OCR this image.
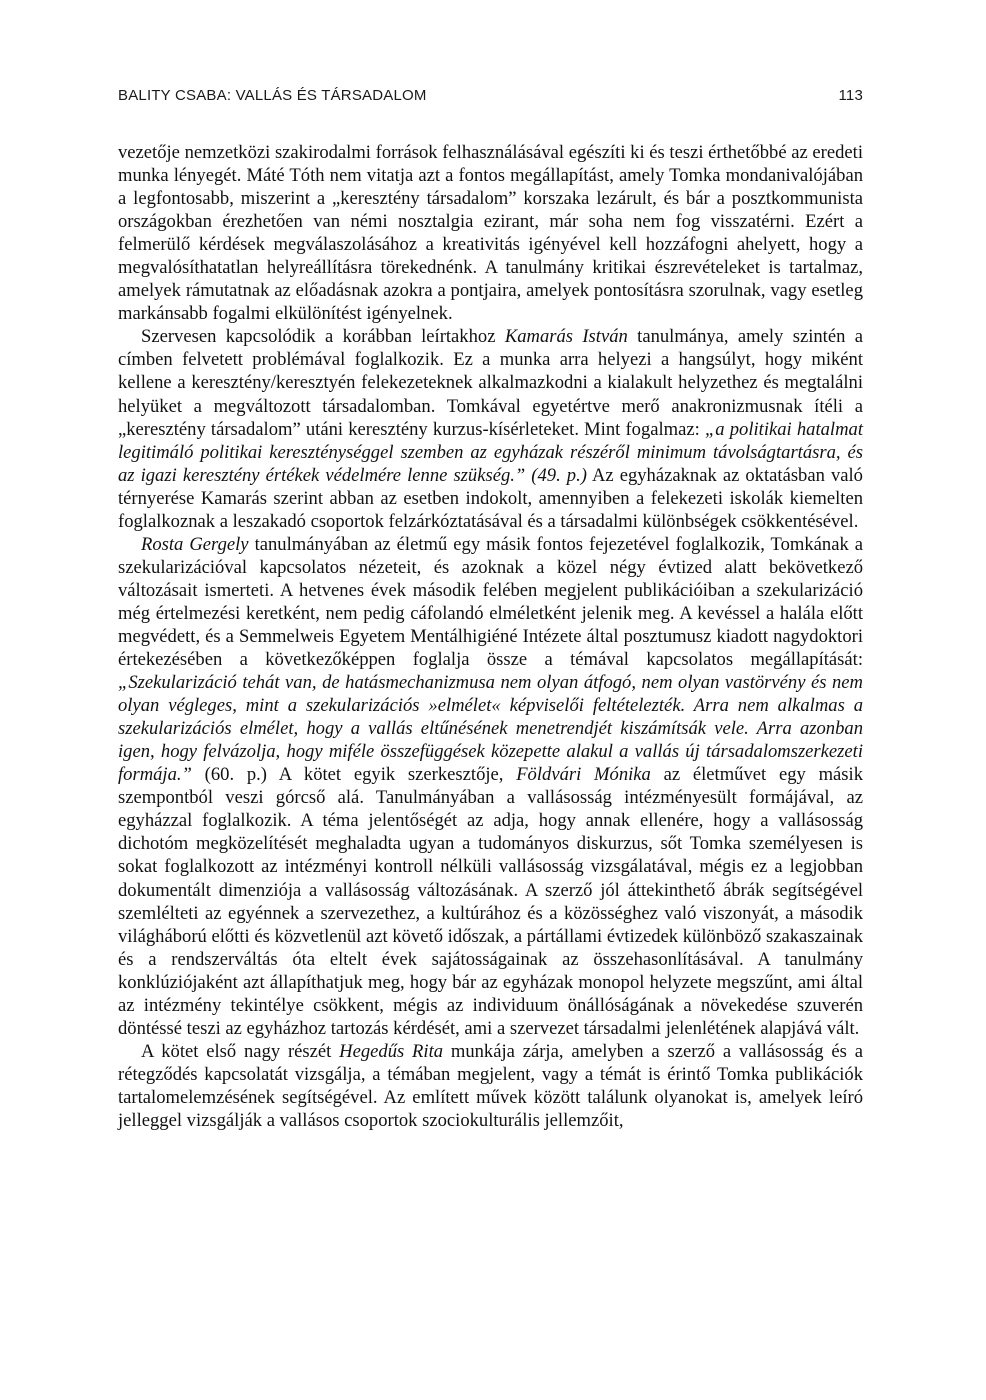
BALITY CSABA: VALLÁS ÉS TÁRSADALOM	113

vezetője nemzetközi szakirodalmi források felhasználásával egészíti ki és teszi érthetőbbé az eredeti munka lényegét. Máté Tóth nem vitatja azt a fontos megállapítást, amely Tomka mondanivalójában a legfontosabb, miszerint a „keresztény társadalom” korszaka lezárult, és bár a posztkommunista országokban érezhetően van némi nosztalgia ezirant, már soha nem fog visszatérni. Ezért a felmerülő kérdések megválaszolásához a kreativitás igényével kell hozzáfogni ahelyett, hogy a megvalósíthatatlan helyreállításra törekednénk. A tanulmány kritikai észrevételeket is tartalmaz, amelyek rámutatnak az előadásnak azokra a pontjaira, amelyek pontosításra szorulnak, vagy esetleg markánsabb fogalmi elkülönítést igényelnek.

Szervesen kapcsolódik a korábban leírtakhoz Kamarás István tanulmánya, amely szintén a címben felvetett problémával foglalkozik. Ez a munka arra helyezi a hangsúlyt, hogy miként kellene a keresztény/keresztyén felekezeteknek alkalmazkodni a kialakult helyzethez és megtalálni helyüket a megváltozott társadalomban. Tomkával egyetértve merő anakronizmusnak ítéli a „keresztény társadalom” utáni keresztény kurzus-kísérleteket. Mint fogalmaz: „a politikai hatalmat legitimáló politikai kereszténységgel szemben az egyházak részéről minimum távolságtartásra, és az igazi keresztény értékek védelmére lenne szükség.” (49. p.) Az egyházaknak az oktatásban való térnyerése Kamarás szerint abban az esetben indokolt, amennyiben a felekezeti iskolák kiemelten foglalkoznak a leszakadó csoportok felzárkóztatásával és a társadalmi különbségek csökkentésével.

Rosta Gergely tanulmányában az életmű egy másik fontos fejezetével foglalkozik, Tomkának a szekularizációval kapcsolatos nézeteit, és azoknak a közel négy évtized alatt bekövetkező változásait ismerteti. A hetvenes évek második felében megjelent publikációiban a szekularizáció még értelmezési keretként, nem pedig cáfolandó elméletként jelenik meg. A kevéssel a halála előtt megvédett, és a Semmelweis Egyetem Mentálhigiéné Intézete által posztumusz kiadott nagydoktori értekezésében a következőképpen foglalja össze a témával kapcsolatos megállapítását: „Szekularizáció tehát van, de hatásmechanizmusa nem olyan átfogó, nem olyan vastörvény és nem olyan végleges, mint a szekularizációs »elmélet« képviselői feltételezték. Arra nem alkalmas a szekularizációs elmélet, hogy a vallás eltűnésének menetrendjét kiszámítsák vele. Arra azonban igen, hogy felvázolja, hogy miféle összefüggések közepette alakul a vallás új társadalomszerkezeti formája.” (60. p.) A kötet egyik szerkesztője, Földvári Mónika az életművet egy másik szempontból veszi górcső alá. Tanulmányában a vallásosság intézményesült formájával, az egyházzal foglalkozik. A téma jelentőségét az adja, hogy annak ellenére, hogy a vallásosság dichotóm megközelítését meghaladta ugyan a tudományos diskurzus, sőt Tomka személyesen is sokat foglalkozott az intézményi kontroll nélküli vallásosság vizsgálatával, mégis ez a legjobban dokumentált dimenziója a vallásosság változásának. A szerző jól áttekinthető ábrák segítségével szemlélteti az egyénnek a szervezethez, a kultúrához és a közösséghez való viszonyát, a második világháború előtti és közvetlenül azt követő időszak, a pártállami évtizedek különböző szakaszainak és a rendszerváltás óta eltelt évek sajátosságainak az összehasonlításával. A tanulmány konklúziójaként azt állapíthatjuk meg, hogy bár az egyházak monopol helyzete megszűnt, ami által az intézmény tekintélye csökkent, mégis az individuum önállóságának a növekedése szuverén döntéssé teszi az egyházhoz tartozás kérdését, ami a szervezet társadalmi jelenlétének alapjává vált.

A kötet első nagy részét Hegedűs Rita munkája zárja, amelyben a szerző a vallásosság és a rétegződés kapcsolatát vizsgálja, a témában megjelent, vagy a témát is érintő Tomka publikációk tartalomelemzésének segítségével. Az említett művek között találunk olyanokat is, amelyek leíró jelleggel vizsgálják a vallásos csoportok szociokulturális jellemzőit,
